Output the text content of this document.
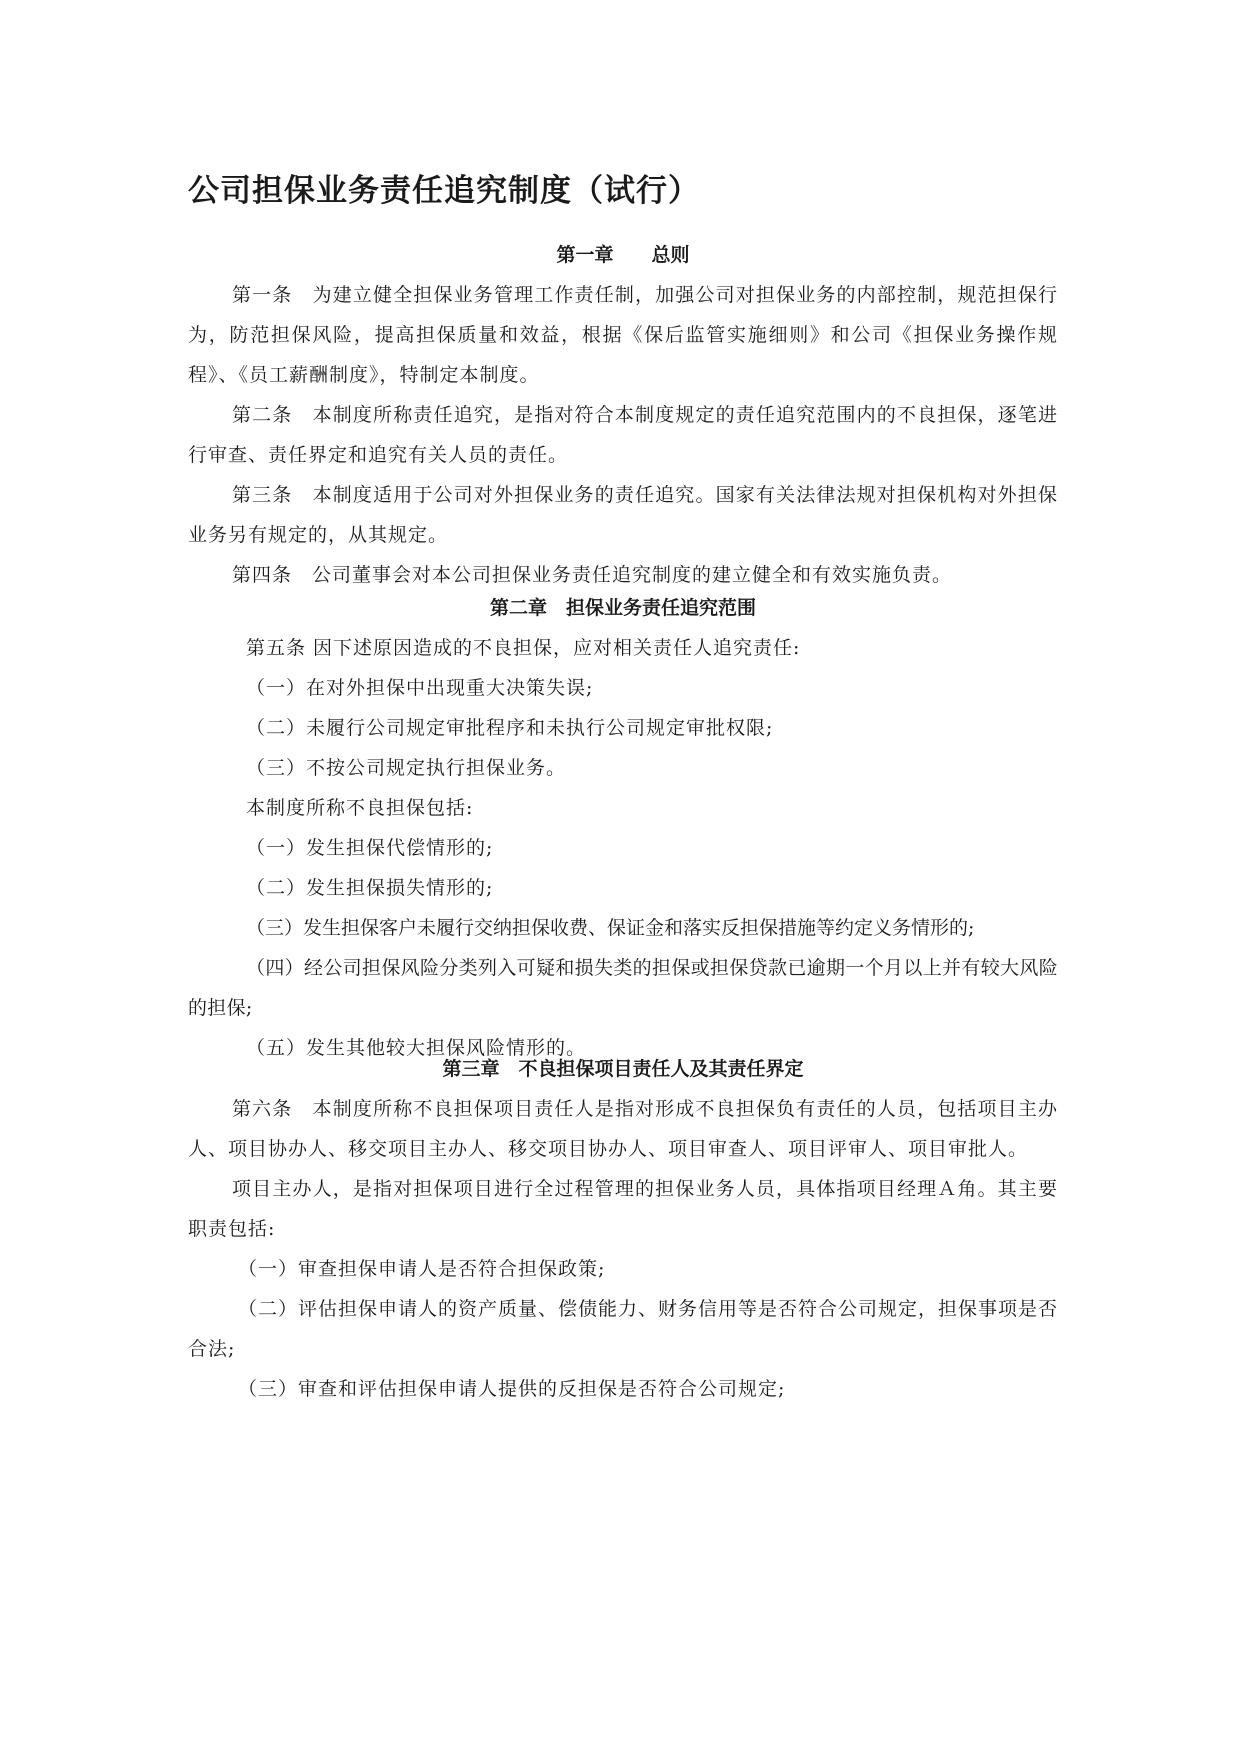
公司担保业务责任追究制度（试行）
第一章　　总则

第一条　为建立健全担保业务管理工作责任制，加强公司对担保业务的内部控制，规范担保行为，防范担保风险，提高担保质量和效益，根据《保后监管实施细则》和公司《担保业务操作规程》、《员工薪酬制度》，特制定本制度。

第二条　本制度所称责任追究，是指对符合本制度规定的责任追究范围内的不良担保，逐笔进行审查、责任界定和追究有关人员的责任。

第三条　本制度适用于公司对外担保业务的责任追究。国家有关法律法规对担保机构对外担保业务另有规定的，从其规定。

第四条　公司董事会对本公司担保业务责任追究制度的建立健全和有效实施负责。

第二章　担保业务责任追究范围

第五条 因下述原因造成的不良担保，应对相关责任人追究责任:

（一）在对外担保中出现重大决策失误;

（二）未履行公司规定审批程序和未执行公司规定审批权限;

（三）不按公司规定执行担保业务。

本制度所称不良担保包括:

（一）发生担保代偿情形的;

（二）发生担保损失情形的;

（三）发生担保客户未履行交纳担保收费、保证金和落实反担保措施等约定义务情形的;

（四）经公司担保风险分类列入可疑和损失类的担保或担保贷款已逾期一个月以上并有较大风险的担保;

（五）发生其他较大担保风险情形的。

第三章　不良担保项目责任人及其责任界定

第六条　本制度所称不良担保项目责任人是指对形成不良担保负有责任的人员，包括项目主办人、项目协办人、移交项目主办人、移交项目协办人、项目审查人、项目评审人、项目审批人。

项目主办人，是指对担保项目进行全过程管理的担保业务人员，具体指项目经理Ａ角。其主要职责包括:

（一）审查担保申请人是否符合担保政策;

（二）评估担保申请人的资产质量、偿债能力、财务信用等是否符合公司规定，担保事项是否合法;

（三）审查和评估担保申请人提供的反担保是否符合公司规定;
